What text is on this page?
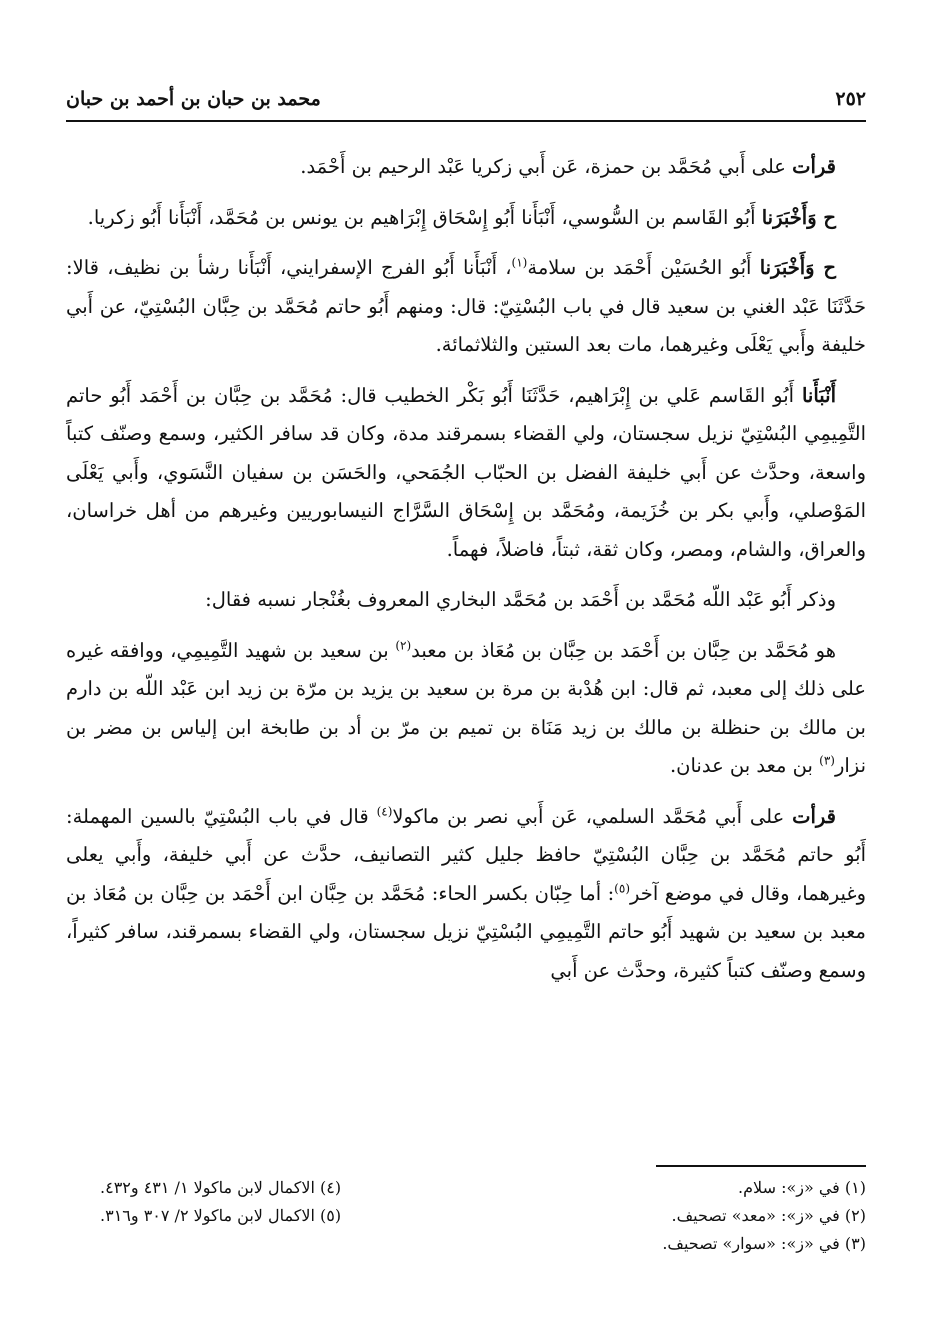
٢٥٢
محمد بن حبان بن أحمد بن حبان

قرأت على أَبي مُحَمَّد بن حمزة، عَن أَبي زكريا عَبْد الرحيم بن أَحْمَد.

ح وَأَخْبَرَنا أَبُو القَاسم بن السُّوسي، أَنْبَأَنا أَبُو إِسْحَاق إِبْرَاهيم بن يونس بن مُحَمَّد، أَنْبَأَنا أَبُو زكريا.

ح وَأَخْبَرَنا أَبُو الحُسَيْن أَحْمَد بن سلامة$^{(١)}$، أَنْبَأَنا أَبُو الفرج الإسفرايني، أَنْبَأَنا رشأ بن نظيف، قالا: حَدَّثَنَا عَبْد الغني بن سعيد قال في باب البُسْتِيّ: قال: ومنهم أَبُو حاتم مُحَمَّد بن حِبَّان البُسْتِيّ، عن أَبي خليفة وأَبي يَعْلَى وغيرهما، مات بعد الستين والثلاثمائة.

أَنْبَأَنا أَبُو القَاسم عَلي بن إِبْرَاهيم، حَدَّثَنَا أَبُو بَكْر الخطيب قال: مُحَمَّد بن حِبَّان بن أَحْمَد أَبُو حاتم التَّمِيمِي البُسْتِيّ نزيل سجستان، ولي القضاء بسمرقند مدة، وكان قد سافر الكثير، وسمع وصنّف كتباً واسعة، وحدَّث عن أَبي خليفة الفضل بن الحبّاب الجُمَحي، والحَسَن بن سفيان النَّسَوي، وأَبي يَعْلَى المَوْصلي، وأَبي بكر بن خُزَيمة، ومُحَمَّد بن إِسْحَاق السَّرَّاج النيسابوريين وغيرهم من أهل خراسان، والعراق، والشام، ومصر، وكان ثقة، ثبتاً، فاضلاً، فهماً.

وذكر أَبُو عَبْد اللّه مُحَمَّد بن أَحْمَد بن مُحَمَّد البخاري المعروف بغُنْجار نسبه فقال:

هو مُحَمَّد بن حِبَّان بن أَحْمَد بن حِبَّان بن مُعَاذ بن معبد$^{(٢)}$ بن سعيد بن شهيد التَّمِيمِي، ووافقه غيره على ذلك إلى معبد، ثم قال: ابن هُدْبة بن مرة بن سعيد بن يزيد بن مرّة بن زيد ابن عَبْد اللّه بن دارم بن مالك بن حنظلة بن مالك بن زيد مَنَاة بن تميم بن مرّ بن أد بن طابخة ابن إلياس بن مضر بن نزار$^{(٣)}$ بن معد بن عدنان.

قرأت على أَبي مُحَمَّد السلمي، عَن أَبي نصر بن ماكولا$^{(٤)}$ قال في باب البُسْتِيّ بالسين المهملة: أَبُو حاتم مُحَمَّد بن حِبَّان البُسْتِيّ حافظ جليل كثير التصانيف، حدَّث عن أَبي خليفة، وأَبي يعلى وغيرهما، وقال في موضع آخر$^{(٥)}$: أما حِبّان بكسر الحاء: مُحَمَّد بن حِبَّان ابن أَحْمَد بن حِبَّان بن مُعَاذ بن معبد بن سعيد بن شهيد أَبُو حاتم التَّمِيمِي البُسْتِيّ نزيل سجستان، ولي القضاء بسمرقند، سافر كثيراً، وسمع وصنّف كتباً كثيرة، وحدَّث عن أَبي

(١) في «ز»: سلام.
(٢) في «ز»: «معد» تصحيف.
(٣) في «ز»: «سوار» تصحيف.
(٤) الاكمال لابن ماكولا ١/ ٤٣١ و٤٣٢.
(٥) الاكمال لابن ماكولا ٢/ ٣٠٧ و٣١٦.
